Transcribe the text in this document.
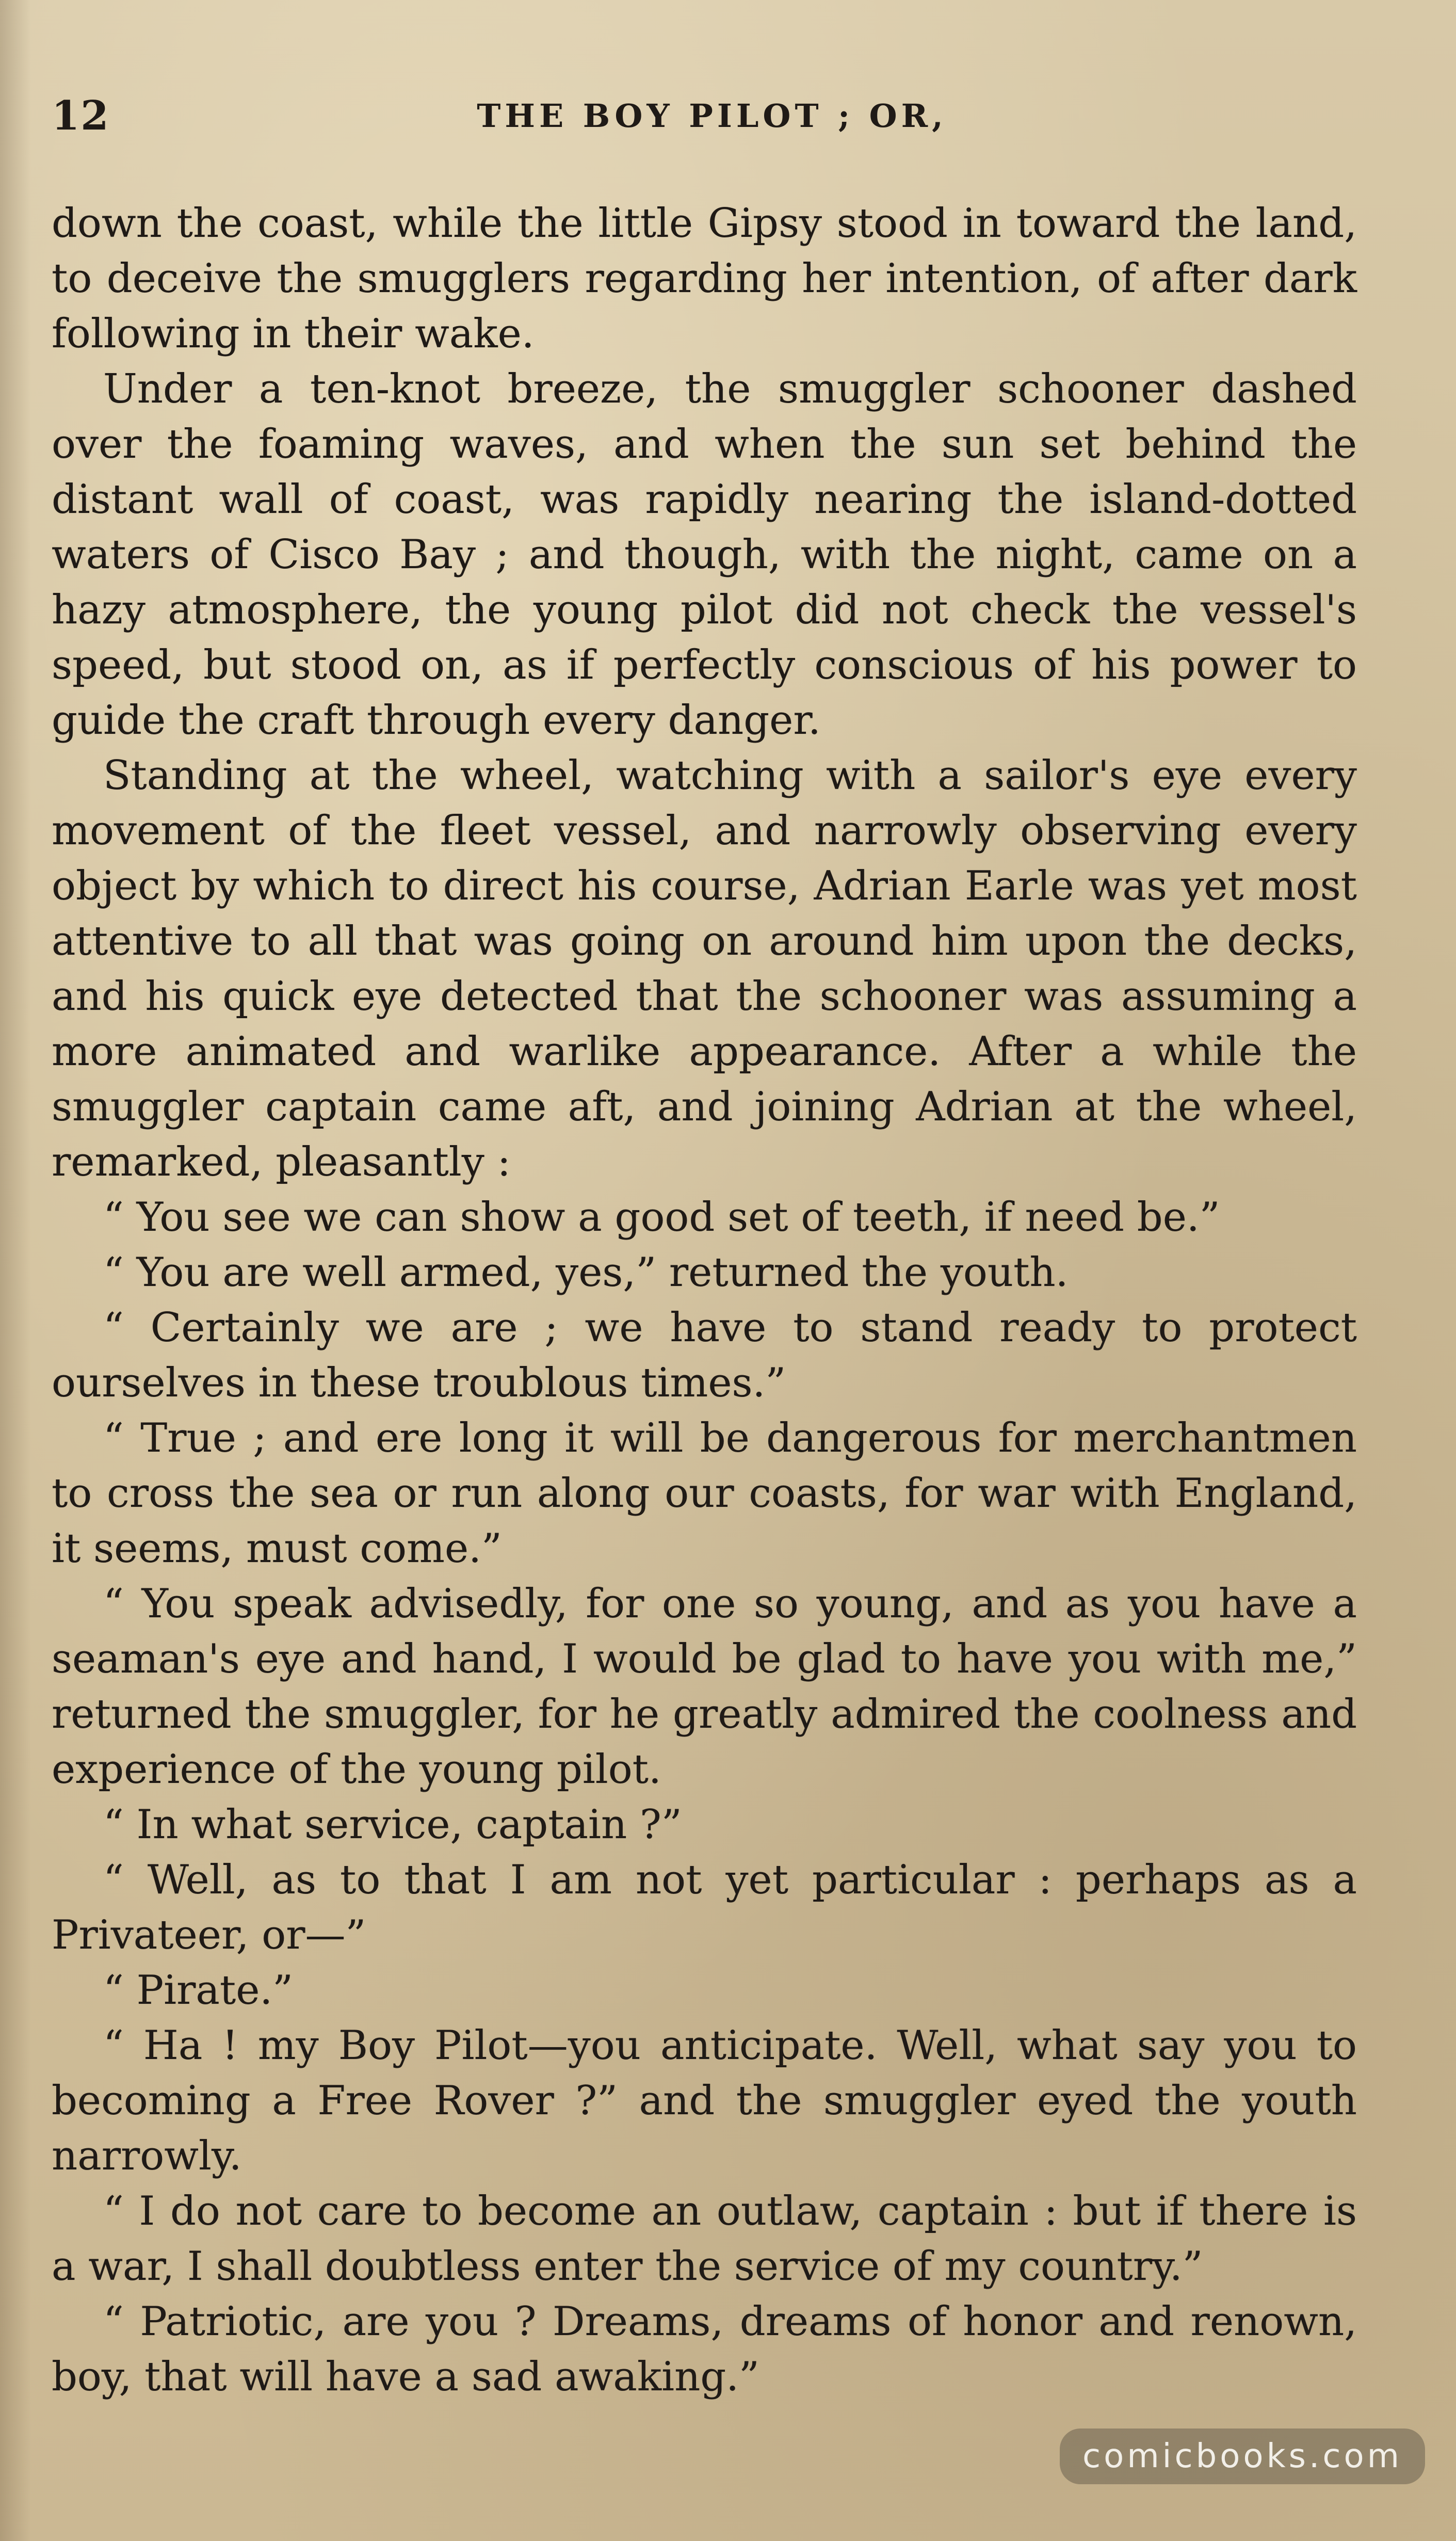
12	THE BOY PILOT ; OR,

down the coast, while the little Gipsy stood in toward the land, to deceive the smugglers regarding her intention, of after dark following in their wake.

Under a ten-knot breeze, the smuggler schooner dashed over the foaming waves, and when the sun set behind the distant wall of coast, was rapidly nearing the island-dotted waters of Cisco Bay ; and though, with the night, came on a hazy atmosphere, the young pilot did not check the vessel's speed, but stood on, as if perfectly conscious of his power to guide the craft through every danger.

Standing at the wheel, watching with a sailor's eye every movement of the fleet vessel, and narrowly observing every object by which to direct his course, Adrian Earle was yet most attentive to all that was going on around him upon the decks, and his quick eye detected that the schooner was assuming a more animated and warlike appearance. After a while the smuggler captain came aft, and joining Adrian at the wheel, remarked, pleasantly :

“ You see we can show a good set of teeth, if need be.”

“ You are well armed, yes,” returned the youth.

“ Certainly we are ; we have to stand ready to protect ourselves in these troublous times.”

“ True ; and ere long it will be dangerous for merchantmen to cross the sea or run along our coasts, for war with England, it seems, must come.”

“ You speak advisedly, for one so young, and as you have a seaman's eye and hand, I would be glad to have you with me,” returned the smuggler, for he greatly admired the coolness and experience of the young pilot.

“ In what service, captain ?”

“ Well, as to that I am not yet particular : perhaps as a Privateer, or—”

“ Pirate.”

“ Ha ! my Boy Pilot—you anticipate. Well, what say you to becoming a Free Rover ?” and the smuggler eyed the youth narrowly.

“ I do not care to become an outlaw, captain : but if there is a war, I shall doubtless enter the service of my country.”

“ Patriotic, are you ? Dreams, dreams of honor and renown, boy, that will have a sad awaking.”

comicbooks.com
